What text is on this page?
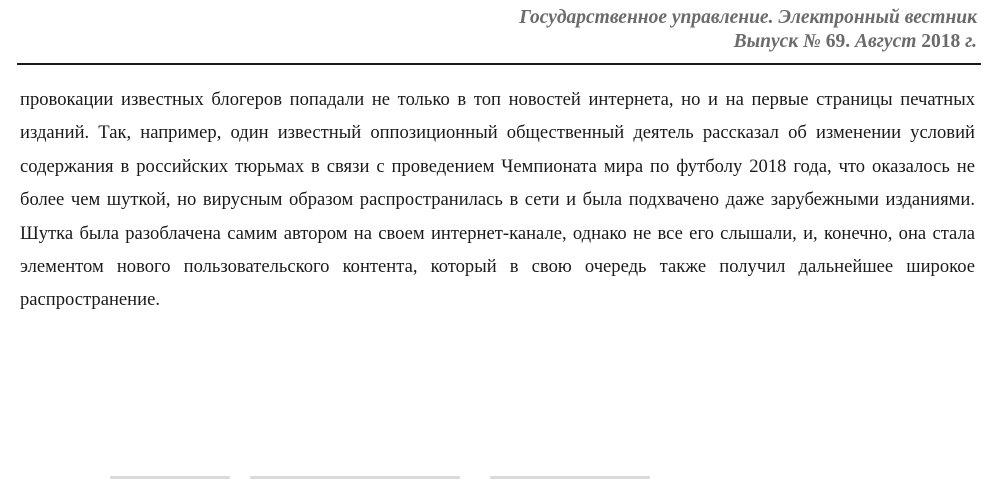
Государственное управление. Электронный вестник
Выпуск № 69. Август 2018 г.

провокации известных блогеров попадали не только в топ новостей интернета, но и на первые страницы печатных изданий. Так, например, один известный оппозиционный общественный деятель рассказал об изменении условий содержания в российских тюрьмах в связи с проведением Чемпионата мира по футболу 2018 года, что оказалось не более чем шуткой, но вирусным образом распространилась в сети и была подхвачено даже зарубежными изданиями. Шутка была разоблачена самим автором на своем интернет-канале, однако не все его слышали, и, конечно, она стала элементом нового пользовательского контента, который в свою очередь также получил дальнейшее широкое распространение.
